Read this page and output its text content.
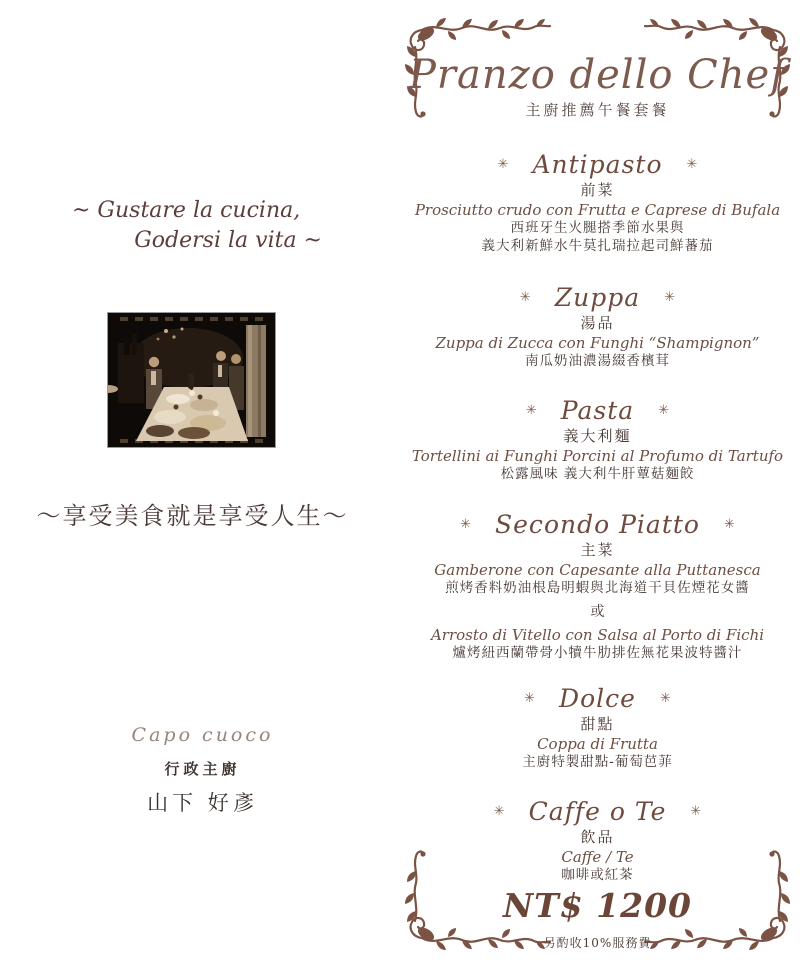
~ Gustare la cucina,
Godersi la vita ~
〜享受美食就是享受人生〜
Capo cuoco
行政主廚
山下 好彥
Pranzo dello Chef
主廚推薦午餐套餐
✳ Antipasto ✳
前菜
Prosciutto crudo con Frutta e Caprese di Bufala
西班牙生火腿搭季節水果與
義大利新鮮水牛莫扎瑞拉起司鮮蕃茄
✳ Zuppa ✳
湯品
Zuppa di Zucca con Funghi “Shampignon”
南瓜奶油濃湯綴香檳茸
✳ Pasta ✳
義大利麵
Tortellini ai Funghi Porcini al Profumo di Tartufo
松露風味 義大利牛肝蕈菇麵餃
✳ Secondo Piatto ✳
主菜
Gamberone con Capesante alla Puttanesca
煎烤香料奶油根島明蝦與北海道干貝佐煙花女醬
或
Arrosto di Vitello con Salsa al Porto di Fichi
爐烤紐西蘭帶骨小犢牛肋排佐無花果波特醬汁
✳ Dolce ✳
甜點
Coppa di Frutta
主廚特製甜點-葡萄芭菲
✳ Caffe o Te ✳
飲品
Caffe / Te
咖啡或紅茶
NT$ 1200
另酌收10%服務費
